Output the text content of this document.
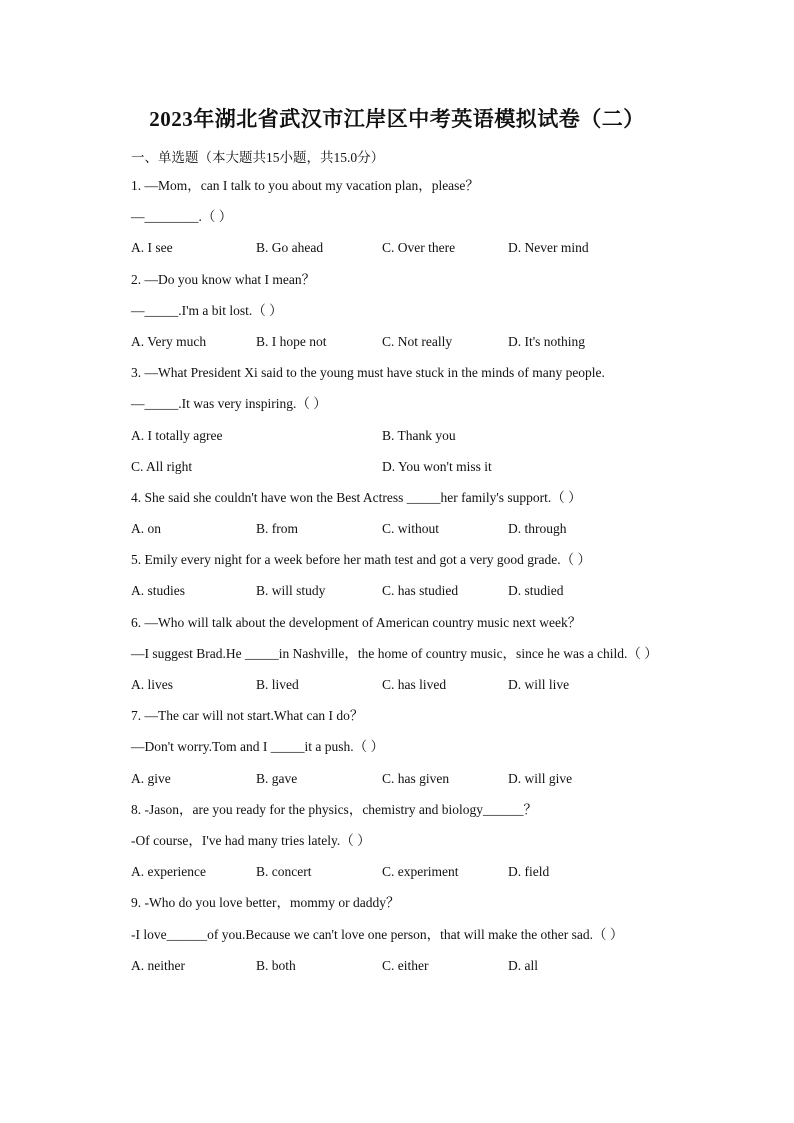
2023年湖北省武汉市江岸区中考英语模拟试卷（二）
一、单选题（本大题共15小题，共15.0分）
1. —Mom，can I talk to you about my vacation plan，please？
—________.（ ）
A. I see	B. Go ahead	C. Over there	D. Never mind
2. —Do you know what I mean？
—_____.I'm a bit lost.（ ）
A. Very much	B. I hope not	C. Not really	D. It's nothing
3. —What President Xi said to the young must have stuck in the minds of many people.
—_____.It was very inspiring.（ ）
A. I totally agree	B. Thank you
C. All right	D. You won't miss it
4. She said she couldn't have won the Best Actress _____her family's support.（ ）
A. on	B. from	C. without	D. through
5. Emily every night for a week before her math test and got a very good grade.（ ）
A. studies	B. will study	C. has studied	D. studied
6. —Who will talk about the development of American country music next week？
—I suggest Brad.He _____in Nashville，the home of country music，since he was a child.（ ）
A. lives	B. lived	C. has lived	D. will live
7. —The car will not start.What can I do？
—Don't worry.Tom and I _____it a push.（ ）
A. give	B. gave	C. has given	D. will give
8. -Jason，are you ready for the physics，chemistry and biology______？
-Of course，I've had many tries lately.（ ）
A. experience	B. concert	C. experiment	D. field
9. -Who do you love better，mommy or daddy？
-I love______of you.Because we can't love one person，that will make the other sad.（ ）
A. neither	B. both	C. either	D. all
